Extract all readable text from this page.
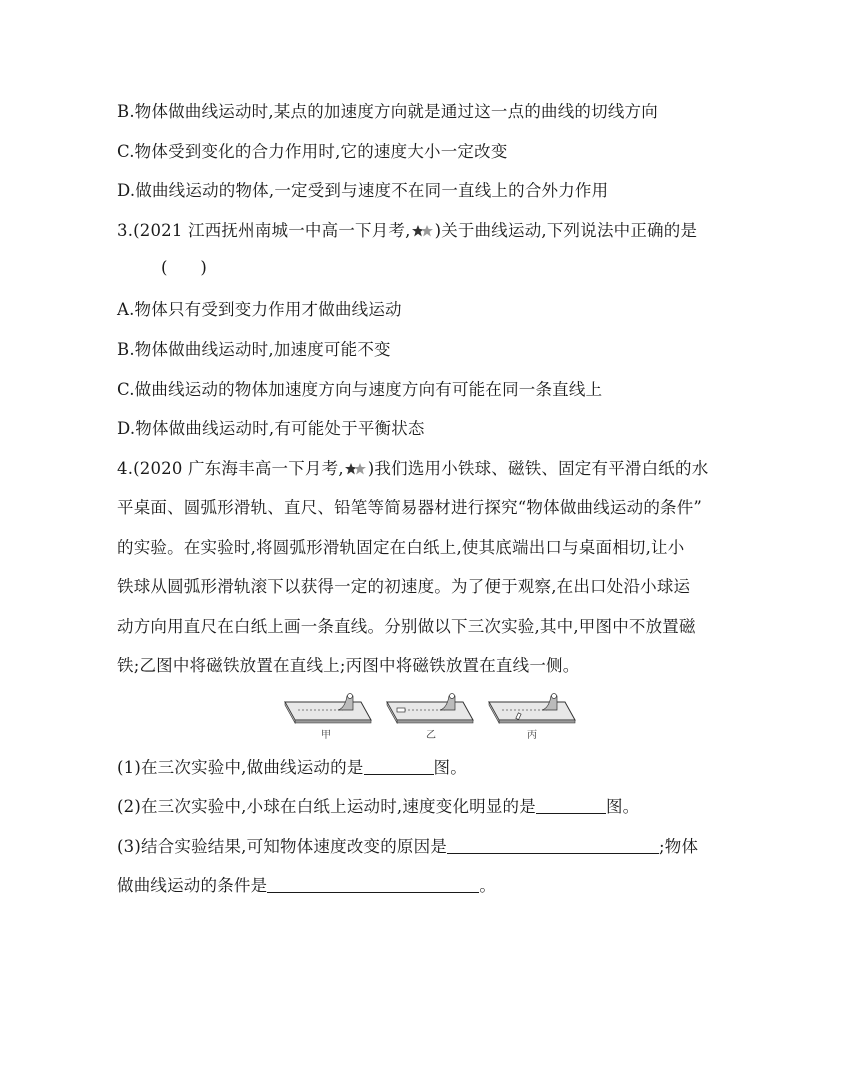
B.物体做曲线运动时,某点的加速度方向就是通过这一点的曲线的切线方向
C.物体受到变化的合力作用时,它的速度大小一定改变
D.做曲线运动的物体,一定受到与速度不在同一直线上的合外力作用
3.(2021 江西抚州南城一中高一下月考, )关于曲线运动,下列说法中正确的是
(　　)
A.物体只有受到变力作用才做曲线运动
B.物体做曲线运动时,加速度可能不变
C.做曲线运动的物体加速度方向与速度方向有可能在同一条直线上
D.物体做曲线运动时,有可能处于平衡状态
4.(2020 广东海丰高一下月考, )我们选用小铁球、磁铁、固定有平滑白纸的水
平桌面、圆弧形滑轨、直尺、铅笔等简易器材进行探究“物体做曲线运动的条件”
的实验。在实验时,将圆弧形滑轨固定在白纸上,使其底端出口与桌面相切,让小
铁球从圆弧形滑轨滚下以获得一定的初速度。为了便于观察,在出口处沿小球运
动方向用直尺在白纸上画一条直线。分别做以下三次实验,其中,甲图中不放置磁
铁;乙图中将磁铁放置在直线上;丙图中将磁铁放置在直线一侧。
甲	乙	丙
(1)在三次实验中,做曲线运动的是	图。
(2)在三次实验中,小球在白纸上运动时,速度变化明显的是	图。
(3)结合实验结果,可知物体速度改变的原因是	;物体
做曲线运动的条件是	。
